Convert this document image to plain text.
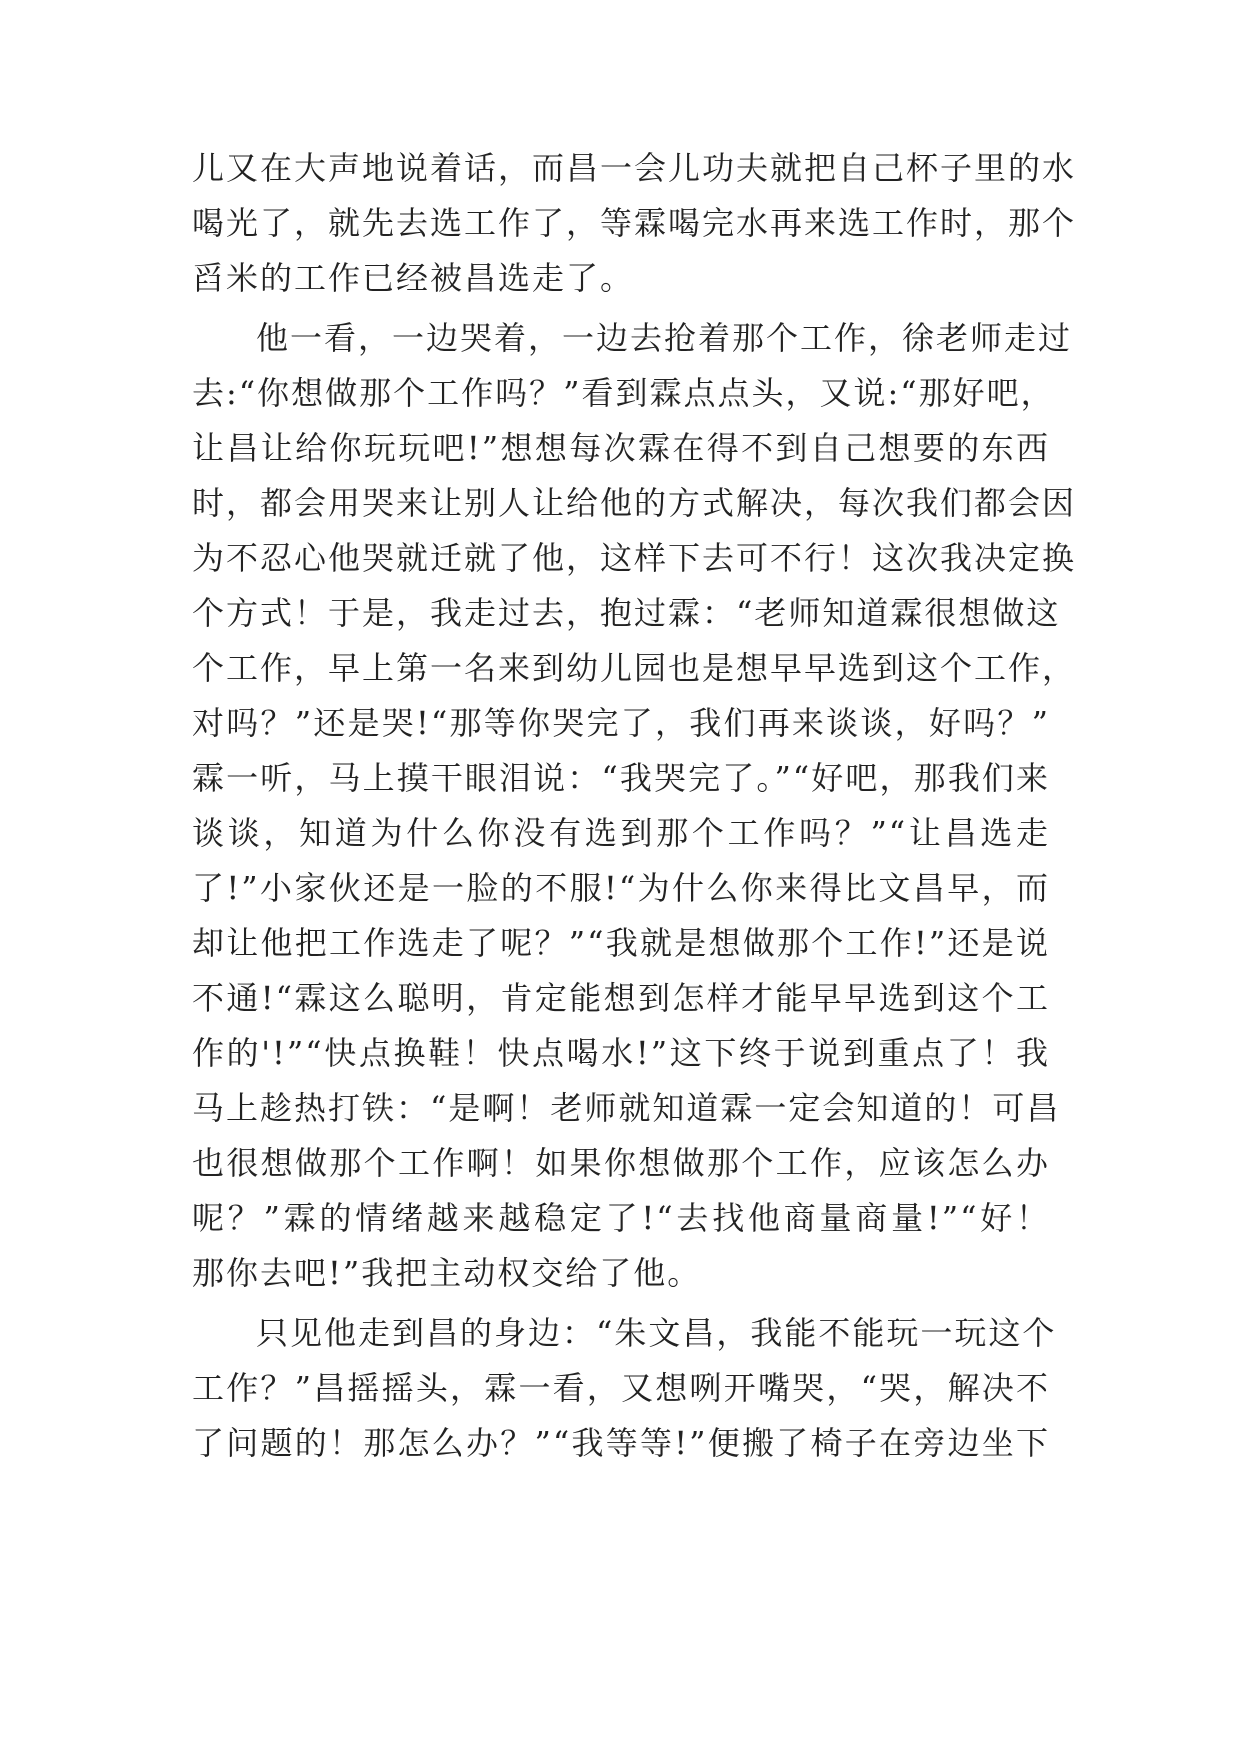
儿又在大声地说着话，而昌一会儿功夫就把自己杯子里的水
喝光了，就先去选工作了，等霖喝完水再来选工作时，那个
舀米的工作已经被昌选走了。
他一看，一边哭着，一边去抢着那个工作，徐老师走过
去:“你想做那个工作吗？”看到霖点点头，又说:“那好吧，
让昌让给你玩玩吧!”想想每次霖在得不到自己想要的东西
时，都会用哭来让别人让给他的方式解决，每次我们都会因
为不忍心他哭就迁就了他，这样下去可不行！这次我决定换
个方式！于是，我走过去，抱过霖：“老师知道霖很想做这
个工作，早上第一名来到幼儿园也是想早早选到这个工作，
对吗？”还是哭!“那等你哭完了，我们再来谈谈，好吗？”
霖一听，马上摸干眼泪说：“我哭完了。”“好吧，那我们来
谈谈，知道为什么你没有选到那个工作吗？”“让昌选走
了!”小家伙还是一脸的不服!“为什么你来得比文昌早，而
却让他把工作选走了呢？”“我就是想做那个工作!”还是说
不通!“霖这么聪明，肯定能想到怎样才能早早选到这个工
作的'!”“快点换鞋！快点喝水!”这下终于说到重点了！我
马上趁热打铁：“是啊！老师就知道霖一定会知道的！可昌
也很想做那个工作啊！如果你想做那个工作，应该怎么办
呢？”霖的情绪越来越稳定了!“去找他商量商量!”“好！
那你去吧!”我把主动权交给了他。
只见他走到昌的身边：“朱文昌，我能不能玩一玩这个
工作？”昌摇摇头，霖一看，又想咧开嘴哭，“哭，解决不
了问题的！那怎么办？”“我等等!”便搬了椅子在旁边坐下
